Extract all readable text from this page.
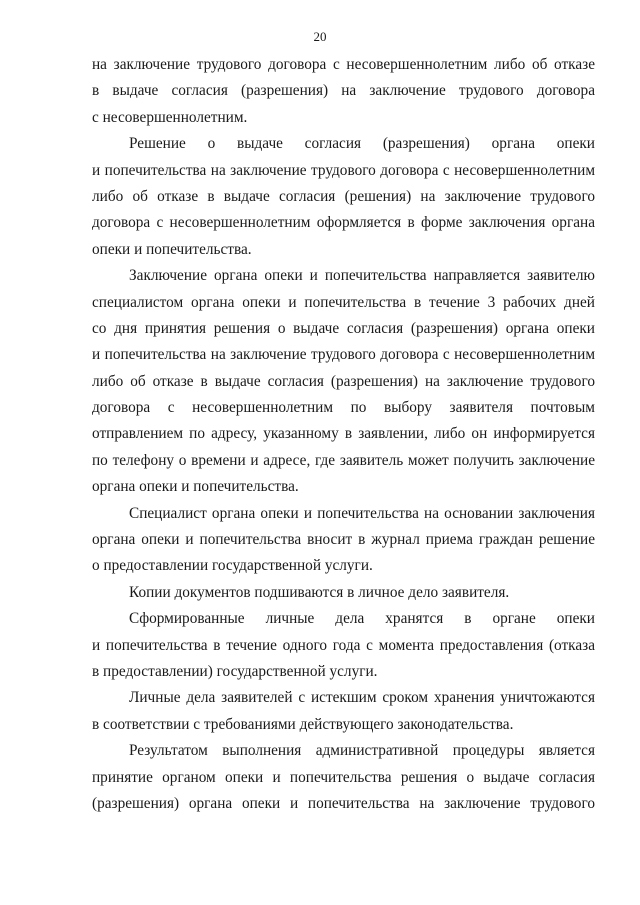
20
на заключение трудового договора с несовершеннолетним либо об отказе
в выдаче согласия (разрешения) на заключение трудового договора
с несовершеннолетним.
Решение о выдаче согласия (разрешения) органа опеки
и попечительства на заключение трудового договора с несовершеннолетним
либо об отказе в выдаче согласия (решения) на заключение трудового
договора с несовершеннолетним оформляется в форме заключения органа
опеки и попечительства.
Заключение органа опеки и попечительства направляется заявителю
специалистом органа опеки и попечительства в течение 3 рабочих дней
со дня принятия решения о выдаче согласия (разрешения) органа опеки
и попечительства на заключение трудового договора с несовершеннолетним
либо об отказе в выдаче согласия (разрешения) на заключение трудового
договора с несовершеннолетним по выбору заявителя почтовым
отправлением по адресу, указанному в заявлении, либо он информируется
по телефону о времени и адресе, где заявитель может получить заключение
органа опеки и попечительства.
Специалист органа опеки и попечительства на основании заключения
органа опеки и попечительства вносит в журнал приема граждан решение
о предоставлении государственной услуги.
Копии документов подшиваются в личное дело заявителя.
Сформированные личные дела хранятся в органе опеки
и попечительства в течение одного года с момента предоставления (отказа
в предоставлении) государственной услуги.
Личные дела заявителей с истекшим сроком хранения уничтожаются
в соответствии с требованиями действующего законодательства.
Результатом выполнения административной процедуры является
принятие органом опеки и попечительства решения о выдаче согласия
(разрешения) органа опеки и попечительства на заключение трудового
